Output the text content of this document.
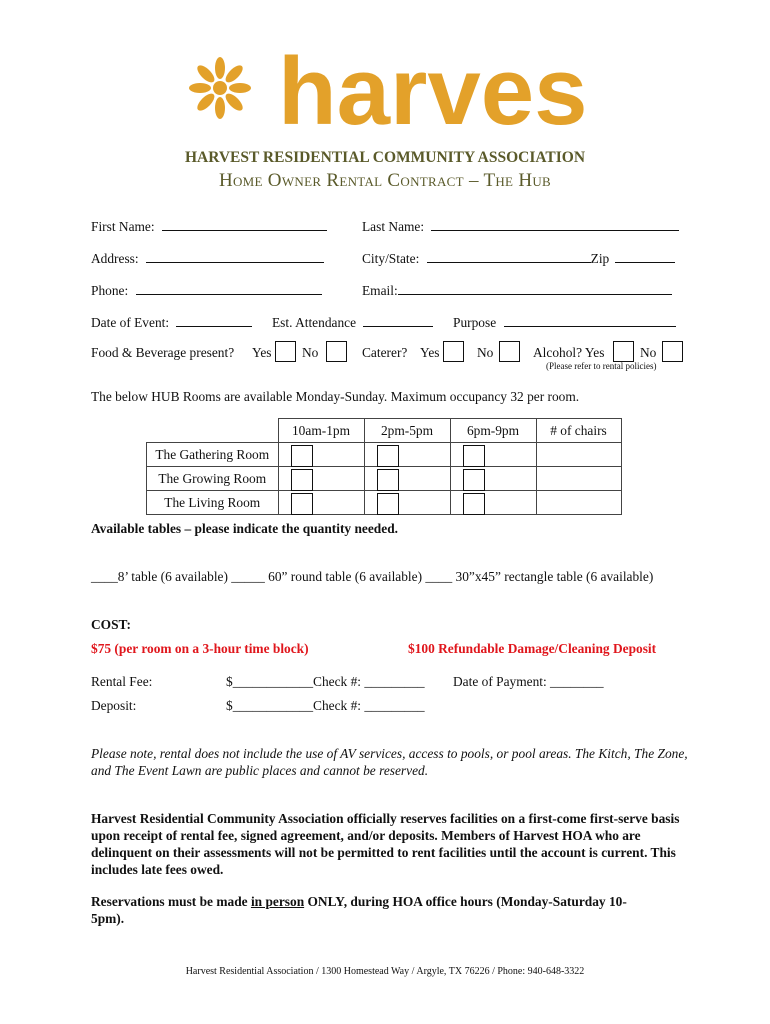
harvest
HARVEST RESIDENTIAL COMMUNITY ASSOCIATION
Home Owner Rental Contract – The Hub
First Name:	Last Name:
Address:	City/State:	Zip
Phone:	Email:
Date of Event:	Est. Attendance	Purpose
Food & Beverage present? Yes No	Caterer? Yes	No	Alcohol? Yes	No
(Please refer to rental policies)
The below HUB Rooms are available Monday-Sunday. Maximum occupancy 32 per room.
	10am-1pm	2pm-5pm	6pm-9pm	# of chairs
The Gathering Room	

The Growing Room	

The Living Room	

Available tables – please indicate the quantity needed.
____8’ table (6 available) _____ 60” round table (6 available) ____ 30”x45” rectangle table (6 available)
COST:
$75 (per room on a 3-hour time block)	$100 Refundable Damage/Cleaning Deposit
Rental Fee:	$____________Check #: _________ Date of Payment: ________
Deposit:	$____________Check #: _________
Please note, rental does not include the use of AV services, access to pools, or pool areas. The Kitch, The Zone, and The Event Lawn are public places and cannot be reserved.
Harvest Residential Community Association officially reserves facilities on a first-come first-serve basis upon receipt of rental fee, signed agreement, and/or deposits. Members of Harvest HOA who are delinquent on their assessments will not be permitted to rent facilities until the account is current. This includes late fees owed.
Reservations must be made in person ONLY, during HOA office hours (Monday-Saturday 10-5pm).
Harvest Residential Association / 1300 Homestead Way / Argyle, TX 76226 / Phone: 940-648-3322
